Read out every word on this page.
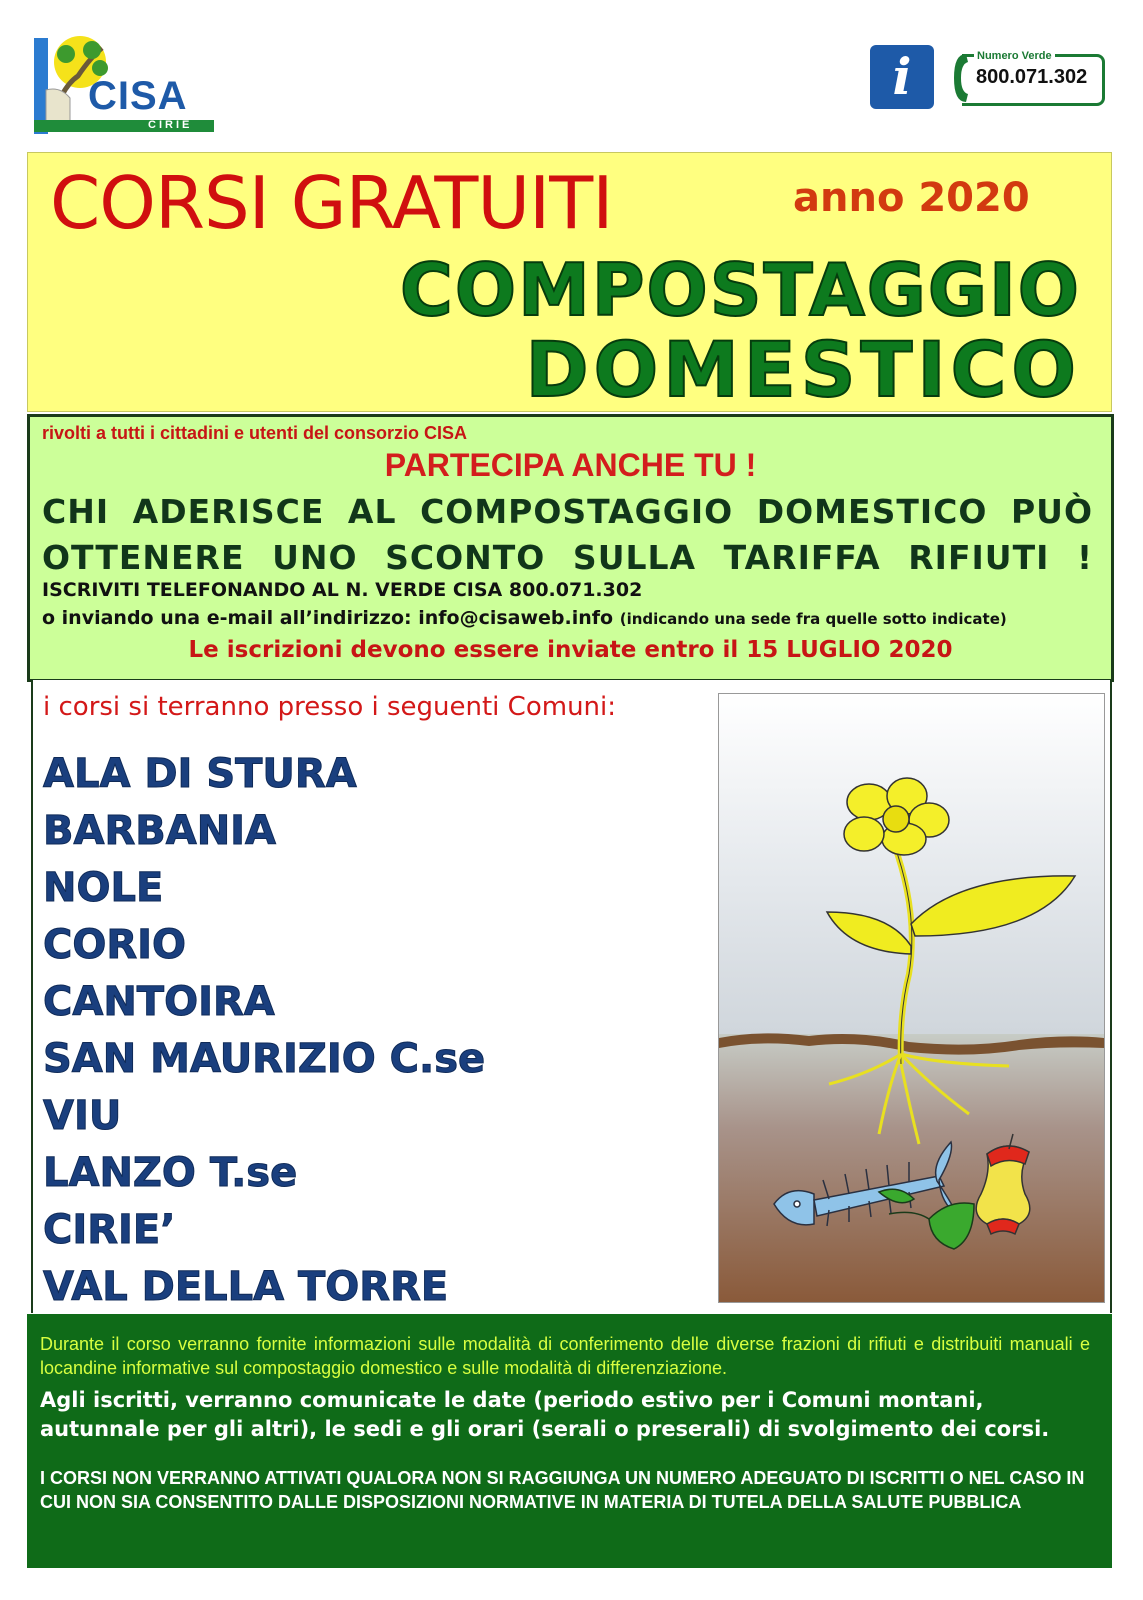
CISA
CIRIÈ
i	Numero Verde
800.071.302
CORSI GRATUITI	anno 2020
COMPOSTAGGIO
DOMESTICO
rivolti a tutti i cittadini e utenti del consorzio CISA
PARTECIPA ANCHE TU !
CHI ADERISCE AL COMPOSTAGGIO DOMESTICO PUÒ OTTENERE UNO SCONTO SULLA TARIFFA RIFIUTI !
ISCRIVITI TELEFONANDO AL N. VERDE CISA 800.071.302
o inviando una e-mail all’indirizzo: info@cisaweb.info (indicando una sede fra quelle sotto indicate)
Le iscrizioni devono essere inviate entro il 15 LUGLIO 2020
i corsi si terranno presso i seguenti Comuni:
ALA DI STURA
BARBANIA
NOLE
CORIO
CANTOIRA
SAN MAURIZIO C.se
VIU
LANZO T.se
CIRIE’
VAL DELLA TORRE
Durante il corso verranno fornite informazioni sulle modalità di conferimento delle diverse frazioni di rifiuti e distribuiti manuali e locandine informative sul compostaggio domestico e sulle modalità di differenziazione.
Agli iscritti, verranno comunicate le date (periodo estivo per i Comuni montani, autunnale per gli altri), le sedi e gli orari (serali o preserali) di svolgimento dei corsi.
I CORSI NON VERRANNO ATTIVATI QUALORA NON SI RAGGIUNGA UN NUMERO ADEGUATO DI ISCRITTI O NEL CASO IN CUI NON SIA CONSENTITO DALLE DISPOSIZIONI NORMATIVE IN MATERIA DI TUTELA DELLA SALUTE PUBBLICA
